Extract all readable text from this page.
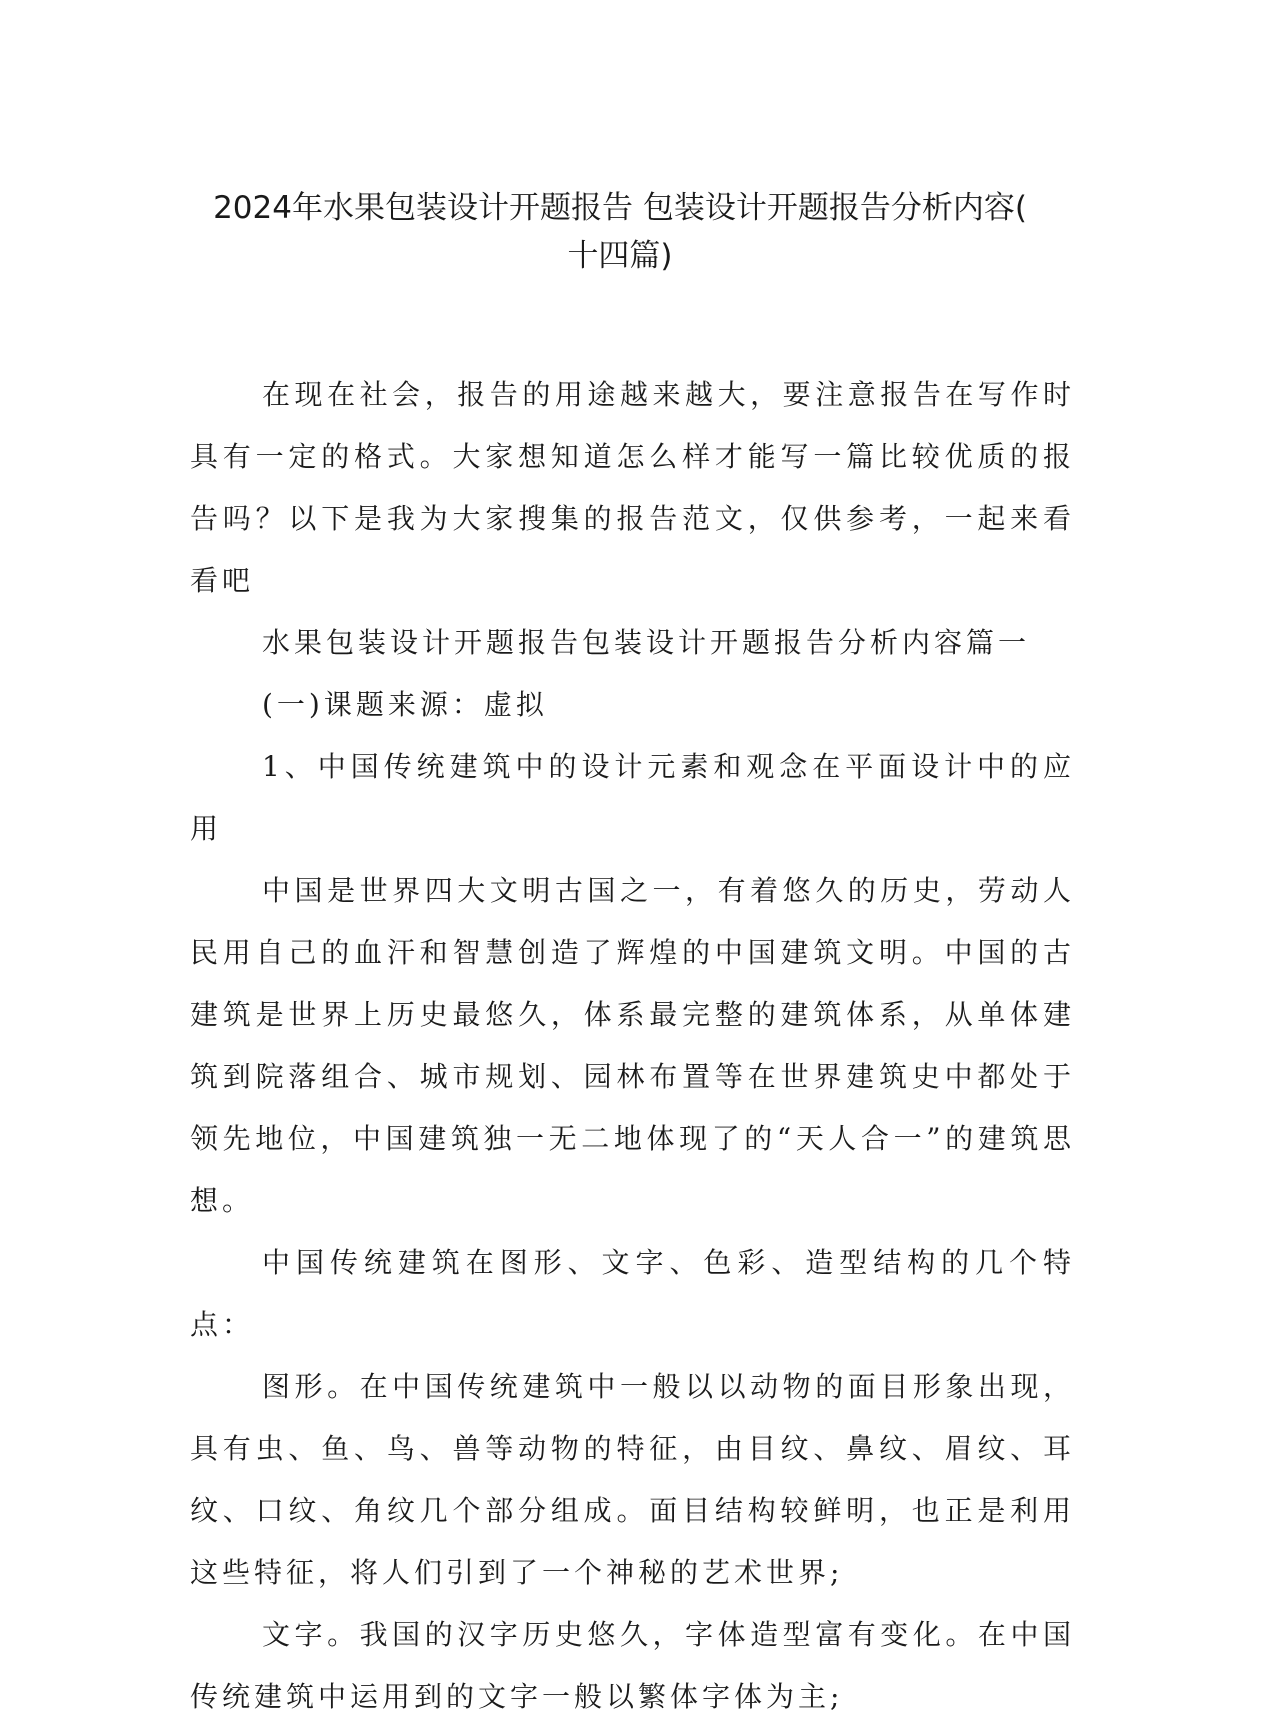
2024年水果包装设计开题报告 包装设计开题报告分析内容(
十四篇)

在现在社会，报告的用途越来越大，要注意报告在写作时具有一定的格式。大家想知道怎么样才能写一篇比较优质的报告吗？以下是我为大家搜集的报告范文，仅供参考，一起来看看吧

水果包装设计开题报告包装设计开题报告分析内容篇一

(一)课题来源：虚拟

1、中国传统建筑中的设计元素和观念在平面设计中的应用

中国是世界四大文明古国之一，有着悠久的历史，劳动人民用自己的血汗和智慧创造了辉煌的中国建筑文明。中国的古建筑是世界上历史最悠久，体系最完整的建筑体系，从单体建筑到院落组合、城市规划、园林布置等在世界建筑史中都处于领先地位，中国建筑独一无二地体现了的“天人合一”的建筑思想。

中国传统建筑在图形、文字、色彩、造型结构的几个特点：

图形。在中国传统建筑中一般以以动物的面目形象出现，具有虫、鱼、鸟、兽等动物的特征，由目纹、鼻纹、眉纹、耳纹、口纹、角纹几个部分组成。面目结构较鲜明，也正是利用这些特征，将人们引到了一个神秘的艺术世界;

文字。我国的汉字历史悠久，字体造型富有变化。在中国传统建筑中运用到的文字一般以繁体字体为主;
